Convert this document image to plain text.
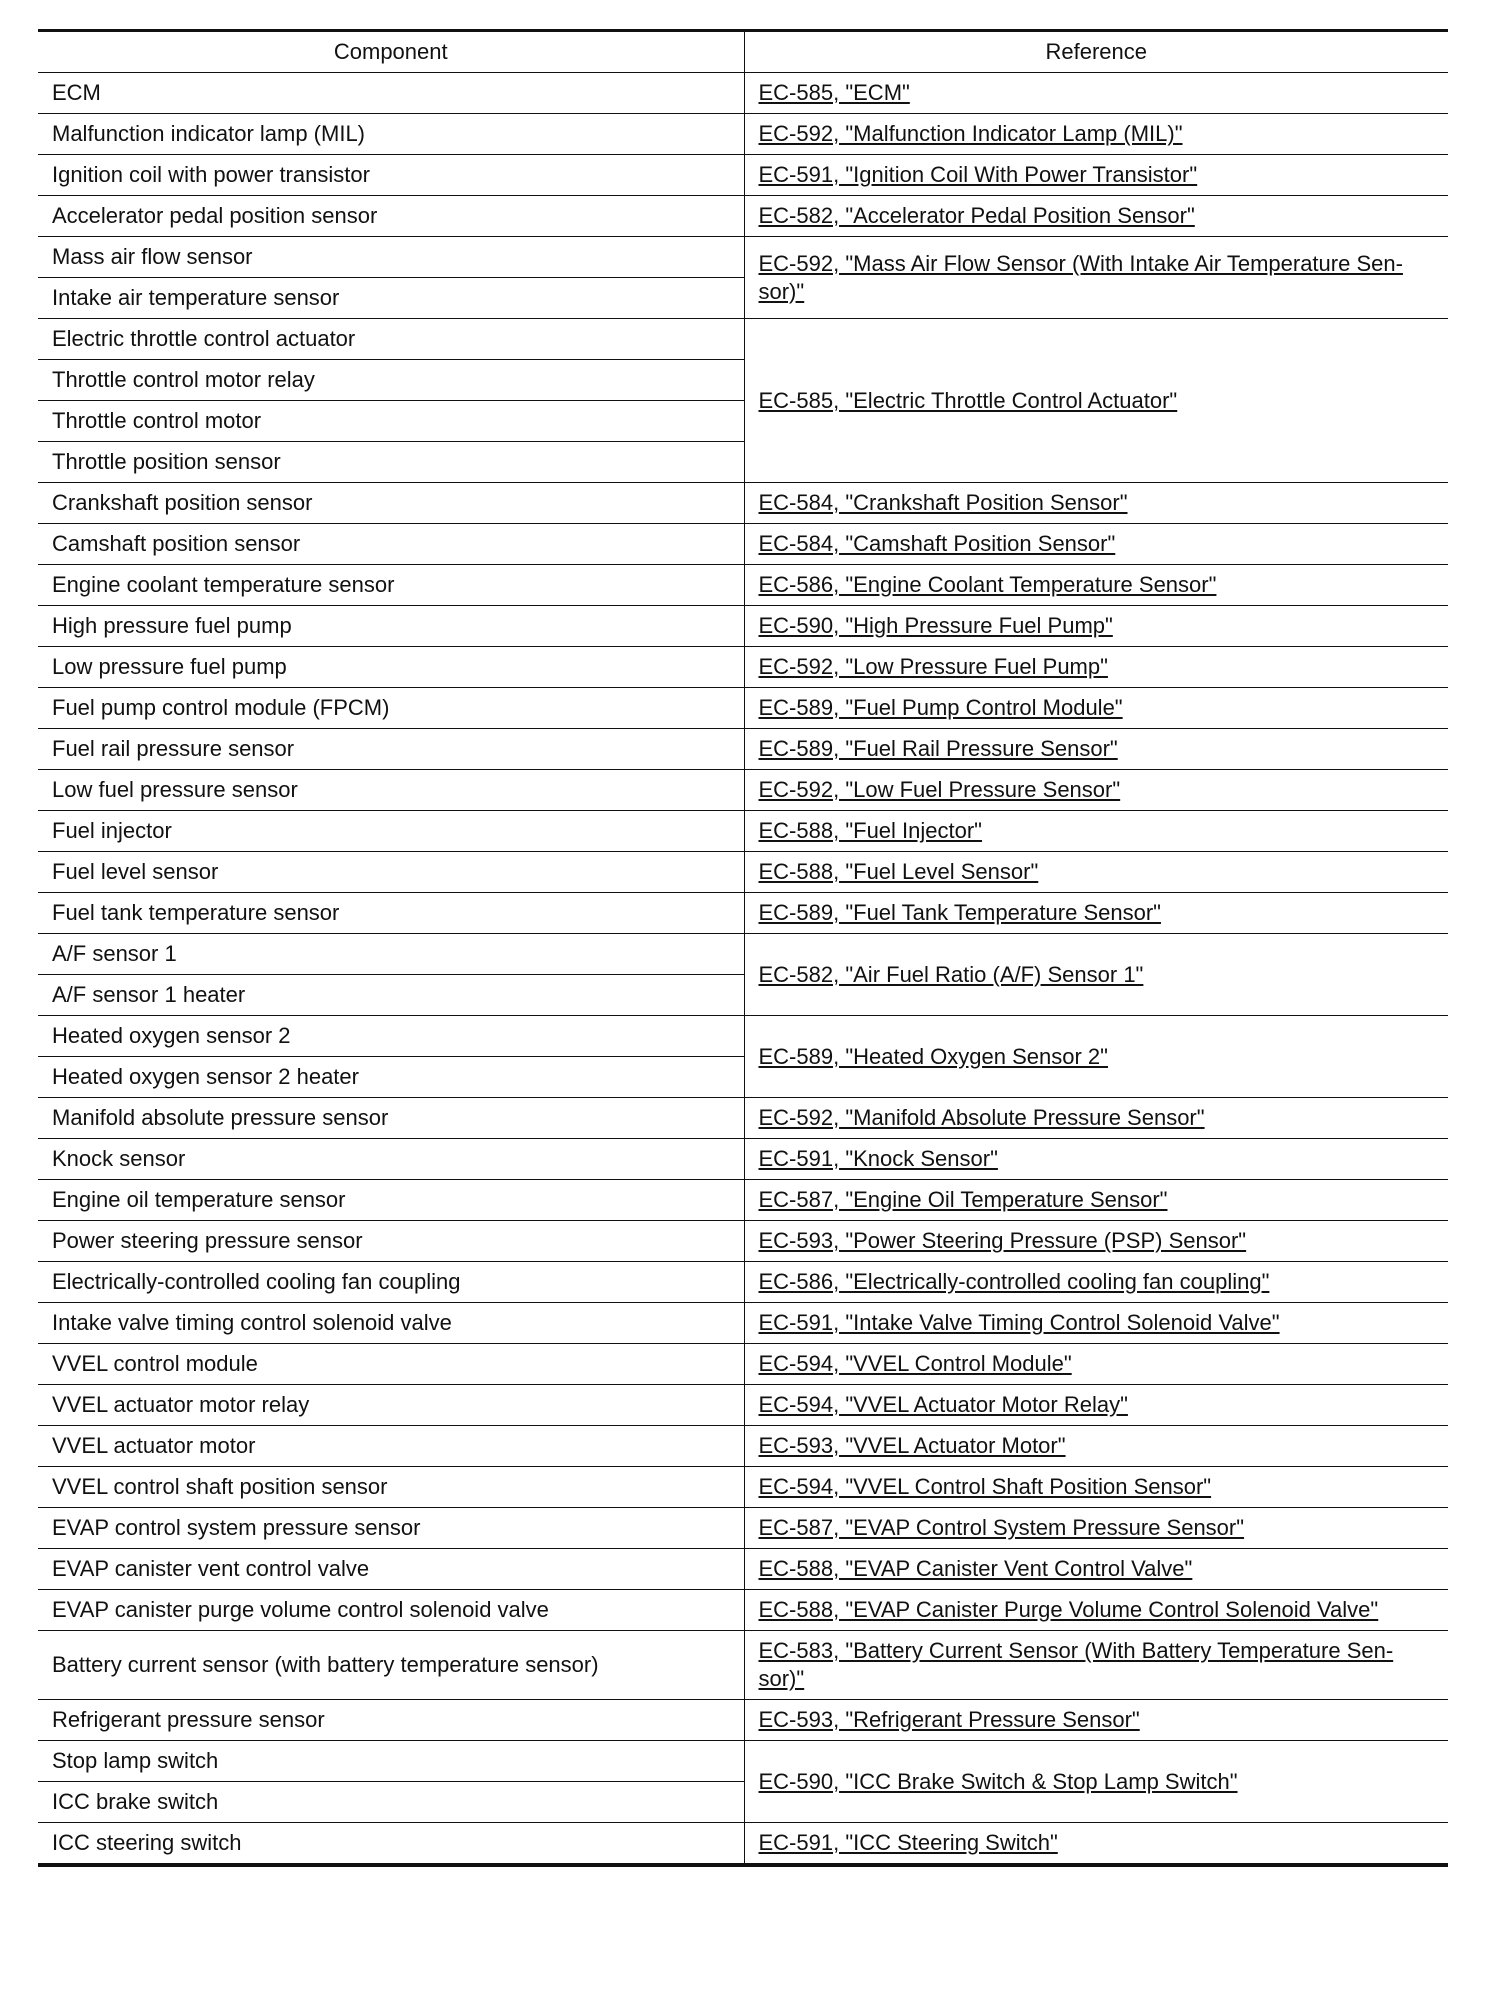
Component	Reference
ECM	EC-585, "ECM"
Malfunction indicator lamp (MIL)	EC-592, "Malfunction Indicator Lamp (MIL)"
Ignition coil with power transistor	EC-591, "Ignition Coil With Power Transistor"
Accelerator pedal position sensor	EC-582, "Accelerator Pedal Position Sensor"
Mass air flow sensor	EC-592, "Mass Air Flow Sensor (With Intake Air Temperature Sen-sor)"
Intake air temperature sensor	
Electric throttle control actuator	EC-585, "Electric Throttle Control Actuator"
Throttle control motor relay	
Throttle control motor	
Throttle position sensor	
Crankshaft position sensor	EC-584, "Crankshaft Position Sensor"
Camshaft position sensor	EC-584, "Camshaft Position Sensor"
Engine coolant temperature sensor	EC-586, "Engine Coolant Temperature Sensor"
High pressure fuel pump	EC-590, "High Pressure Fuel Pump"
Low pressure fuel pump	EC-592, "Low Pressure Fuel Pump"
Fuel pump control module (FPCM)	EC-589, "Fuel Pump Control Module"
Fuel rail pressure sensor	EC-589, "Fuel Rail Pressure Sensor"
Low fuel pressure sensor	EC-592, "Low Fuel Pressure Sensor"
Fuel injector	EC-588, "Fuel Injector"
Fuel level sensor	EC-588, "Fuel Level Sensor"
Fuel tank temperature sensor	EC-589, "Fuel Tank Temperature Sensor"
A/F sensor 1	EC-582, "Air Fuel Ratio (A/F) Sensor 1"
A/F sensor 1 heater	
Heated oxygen sensor 2	EC-589, "Heated Oxygen Sensor 2"
Heated oxygen sensor 2 heater	
Manifold absolute pressure sensor	EC-592, "Manifold Absolute Pressure Sensor"
Knock sensor	EC-591, "Knock Sensor"
Engine oil temperature sensor	EC-587, "Engine Oil Temperature Sensor"
Power steering pressure sensor	EC-593, "Power Steering Pressure (PSP) Sensor"
Electrically-controlled cooling fan coupling	EC-586, "Electrically-controlled cooling fan coupling"
Intake valve timing control solenoid valve	EC-591, "Intake Valve Timing Control Solenoid Valve"
VVEL control module	EC-594, "VVEL Control Module"
VVEL actuator motor relay	EC-594, "VVEL Actuator Motor Relay"
VVEL actuator motor	EC-593, "VVEL Actuator Motor"
VVEL control shaft position sensor	EC-594, "VVEL Control Shaft Position Sensor"
EVAP control system pressure sensor	EC-587, "EVAP Control System Pressure Sensor"
EVAP canister vent control valve	EC-588, "EVAP Canister Vent Control Valve"
EVAP canister purge volume control solenoid valve	EC-588, "EVAP Canister Purge Volume Control Solenoid Valve"
Battery current sensor (with battery temperature sensor)	EC-583, "Battery Current Sensor (With Battery Temperature Sen-sor)"
Refrigerant pressure sensor	EC-593, "Refrigerant Pressure Sensor"
Stop lamp switch	EC-590, "ICC Brake Switch & Stop Lamp Switch"
ICC brake switch	
ICC steering switch	EC-591, "ICC Steering Switch"
